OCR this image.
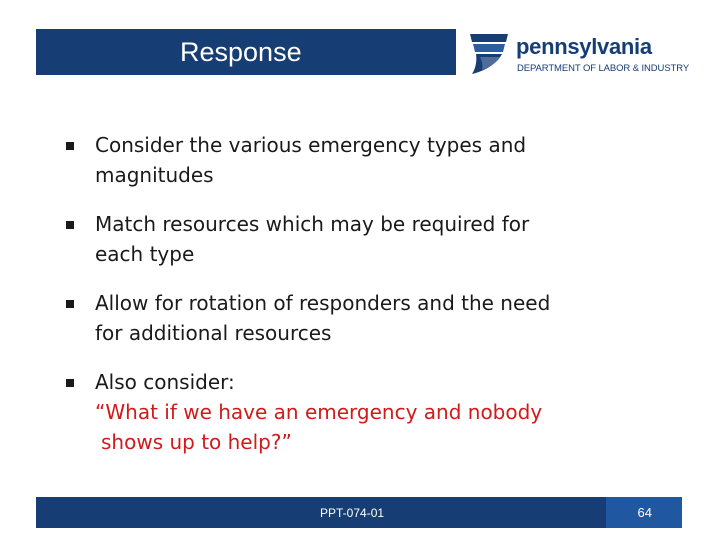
Response	pennsylvania
DEPARTMENT OF LABOR & INDUSTRY
Consider the various emergency types and
magnitudes
Match resources which may be required for
each type
Allow for rotation of responders and the need
for additional resources
Also consider:
“What if we have an emergency and nobody
shows up to help?”
PPT-074-01	64
